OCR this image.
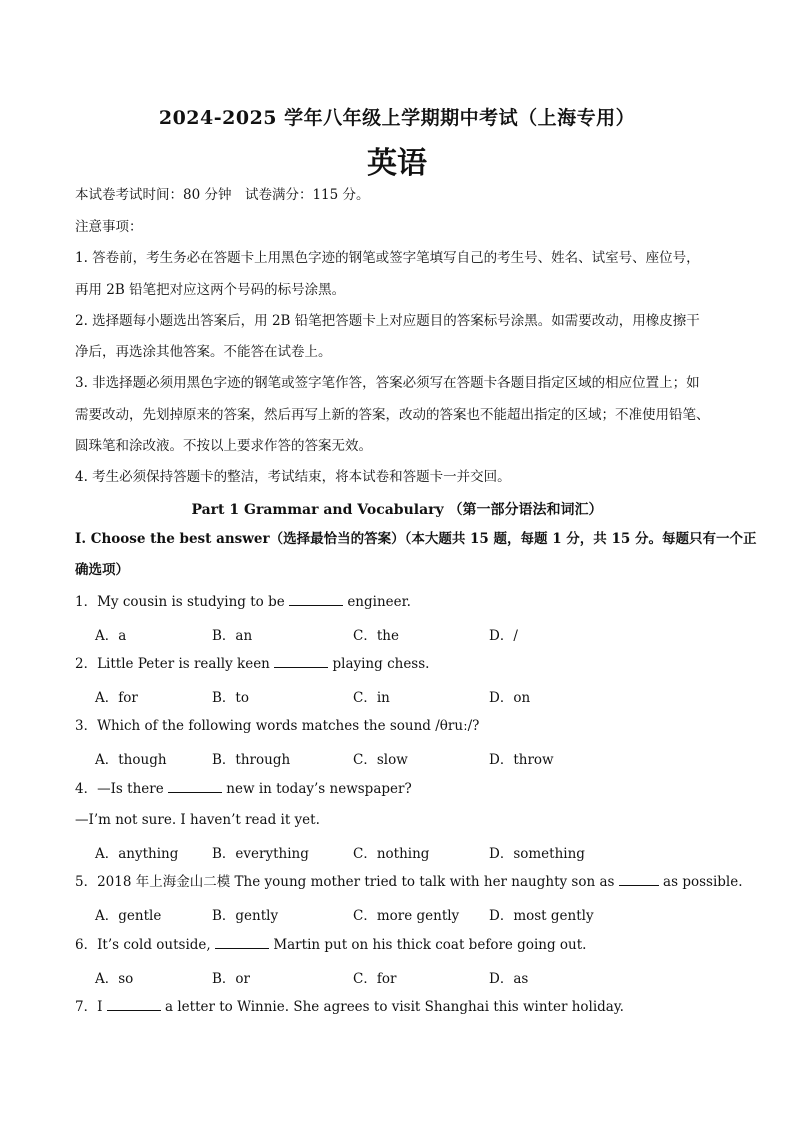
2024-2025 学年八年级上学期期中考试（上海专用）
英语
本试卷考试时间：80 分钟　试卷满分：115 分。
注意事项：
1. 答卷前，考生务必在答题卡上用黑色字迹的钢笔或签字笔填写自己的考生号、姓名、试室号、座位号，
再用 2B 铅笔把对应这两个号码的标号涂黑。
2. 选择题每小题选出答案后，用 2B 铅笔把答题卡上对应题目的答案标号涂黑。如需要改动，用橡皮擦干
净后，再选涂其他答案。不能答在试卷上。
3. 非选择题必须用黑色字迹的钢笔或签字笔作答，答案必须写在答题卡各题目指定区域的相应位置上；如
需要改动，先划掉原来的答案，然后再写上新的答案，改动的答案也不能超出指定的区域；不准使用铅笔、
圆珠笔和涂改液。不按以上要求作答的答案无效。
4. 考生必须保持答题卡的整洁，考试结束，将本试卷和答题卡一并交回。
Part 1 Grammar and Vocabulary （第一部分语法和词汇）
I. Choose the best answer（选择最恰当的答案）（本大题共 15 题，每题 1 分，共 15 分。每题只有一个正
确选项）
1．My cousin is studying to be	engineer.
A．a	B．an	C．the	D．/
2．Little Peter is really keen	playing chess.
A．for	B．to	C．in	D．on
3．Which of the following words matches the sound /θruː/?
A．though	B．through	C．slow	D．throw
4．—Is there	new in today’s newspaper?
—I’m not sure. I haven’t read it yet.
A．anything B．everything	C．nothing	D．something
5．2018 年上海金山二模 The young mother tried to talk with her naughty son as	as possible.
A．gentle	B．gently	C．more gently D．most gently
6．It’s cold outside,	Martin put on his thick coat before going out.
A．so	B．or	C．for	D．as
7．I	a letter to Winnie. She agrees to visit Shanghai this winter holiday.
